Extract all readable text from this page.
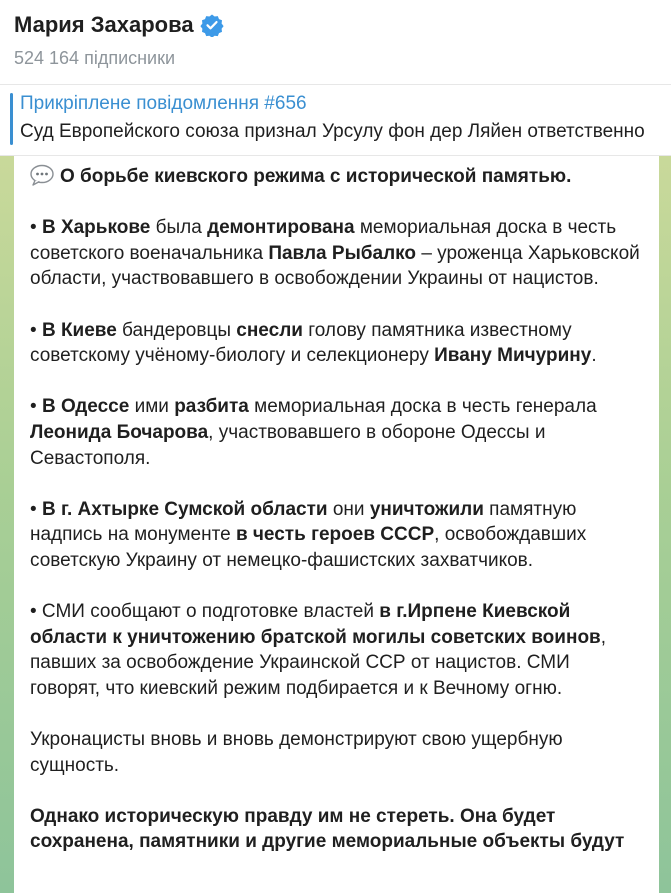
Мария Захарова
524 164 підписники
Прикріплене повідомлення #656
Суд Европейского союза признал Урсулу фон дер Ляйен ответственно

О борьбе киевского режима с исторической памятью.

• В Харькове была демонтирована мемориальная доска в честь советского военачальника Павла Рыбалко – уроженца Харьковской области, участвовавшего в освобождении Украины от нацистов.

• В Киеве бандеровцы снесли голову памятника известному советскому учёному-биологу и селекционеру Ивану Мичурину.

• В Одессе ими разбита мемориальная доска в честь генерала Леонида Бочарова, участвовавшего в обороне Одессы и Севастополя.

• В г. Ахтырке Сумской области они уничтожили памятную надпись на монументе в честь героев СССР, освобождавших советскую Украину от немецко-фашистских захватчиков.

• СМИ сообщают о подготовке властей в г.Ирпене Киевской области к уничтожению братской могилы советских воинов, павших за освобождение Украинской ССР от нацистов. СМИ говорят, что киевский режим подбирается и к Вечному огню.

Укронацисты вновь и вновь демонстрируют свою ущербную сущность.

Однако историческую правду им не стереть. Она будет сохранена, памятники и другие мемориальные объекты будут
